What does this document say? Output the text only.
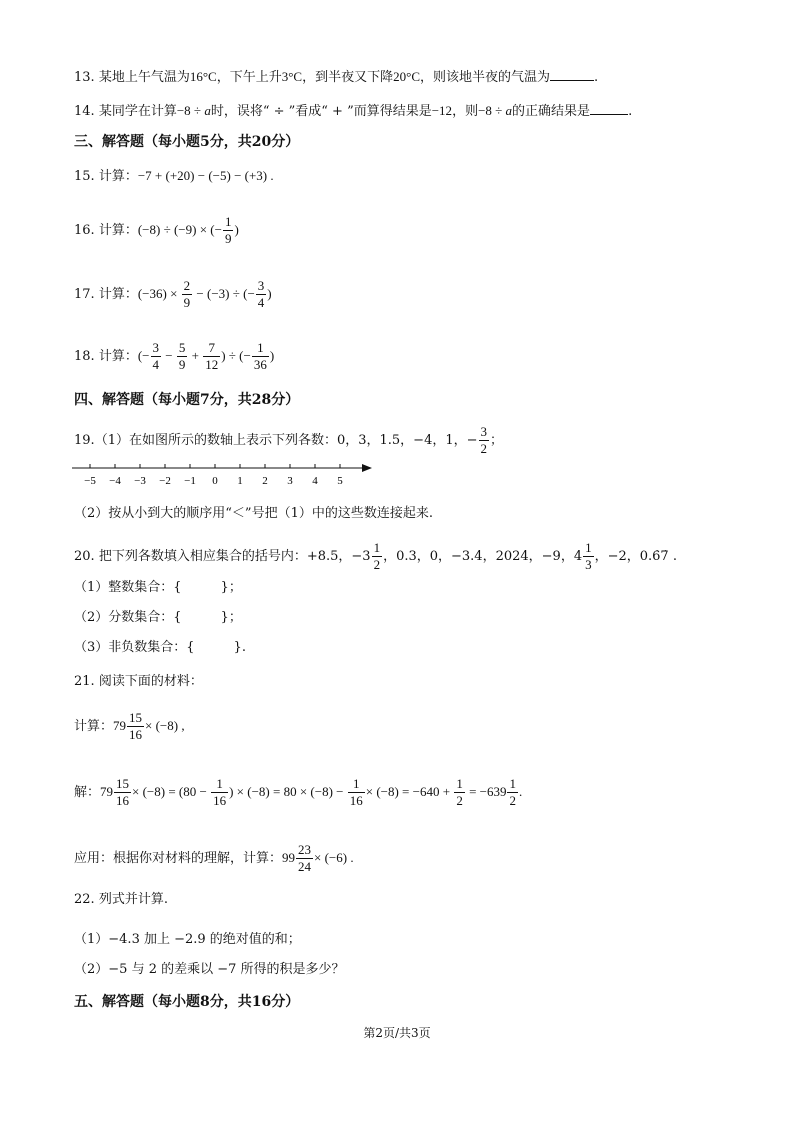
13. 某地上午气温为16°C，下午上升3°C，到半夜又下降20°C，则该地半夜的气温为	.
14. 某同学在计算−8 ÷ a时，误将“ ÷ ”看成“ + ”而算得结果是−12，则−8 ÷ a的正确结果是	.
三、解答题（每小题5分，共20分）
15. 计算：−7 + (+20) − (−5) − (+3) .
16. 计算：(−8) ÷ (−9) × (− $\frac{1}{9}$ )
17. 计算：$(-36) \times \frac{2}{9} - (-3)$ ÷ (− $\frac{3}{4}$ )
18. 计算：(− $\frac{3}{4} - \frac{5}{9} + \frac{7}{12}$ ) ÷ (− $\frac{1}{36}$ )
四、解答题（每小题7分，共28分）
19.（1）在如图所示的数轴上表示下列各数：0，3，1.5，−4，1，− $\frac{3}{2}$ ；
−5 −4 −3 −2 −1 0 1 2 3 4 5
（2）按从小到大的顺序用“＜”号把（1）中的这些数连接起来.
20. 把下列各数填入相应集合的括号内：+8.5，$-3 \frac{1}{2}$ ，0.3，0，−3.4，2024，−9，$4 \frac{1}{3}$ ，−2，0.6̇7̇ .
（1）整数集合：{　　　}；
（2）分数集合：{　　　}；
（3）非负数集合：{　　　}.
21. 阅读下面的材料：
计算：$79 \frac{15}{16} \times (-8)$ ,
解：$79 \frac{15}{16} \times (-8) = (80 - \frac{1}{16}$ ) × $(-8) = 80 \times (-8) - \frac{1}{16} \times (-8) = -640 + \frac{1}{2} = -639 \frac{1}{2}$ .
应用：根据你对材料的理解，计算：$99 \frac{23}{24} \times (-6)$ .
22. 列式并计算.
（1）−4.3 加上 −2.9 的绝对值的和；
（2）−5 与 2 的差乘以 −7 所得的积是多少？
五、解答题（每小题8分，共16分）
第2页/共3页
